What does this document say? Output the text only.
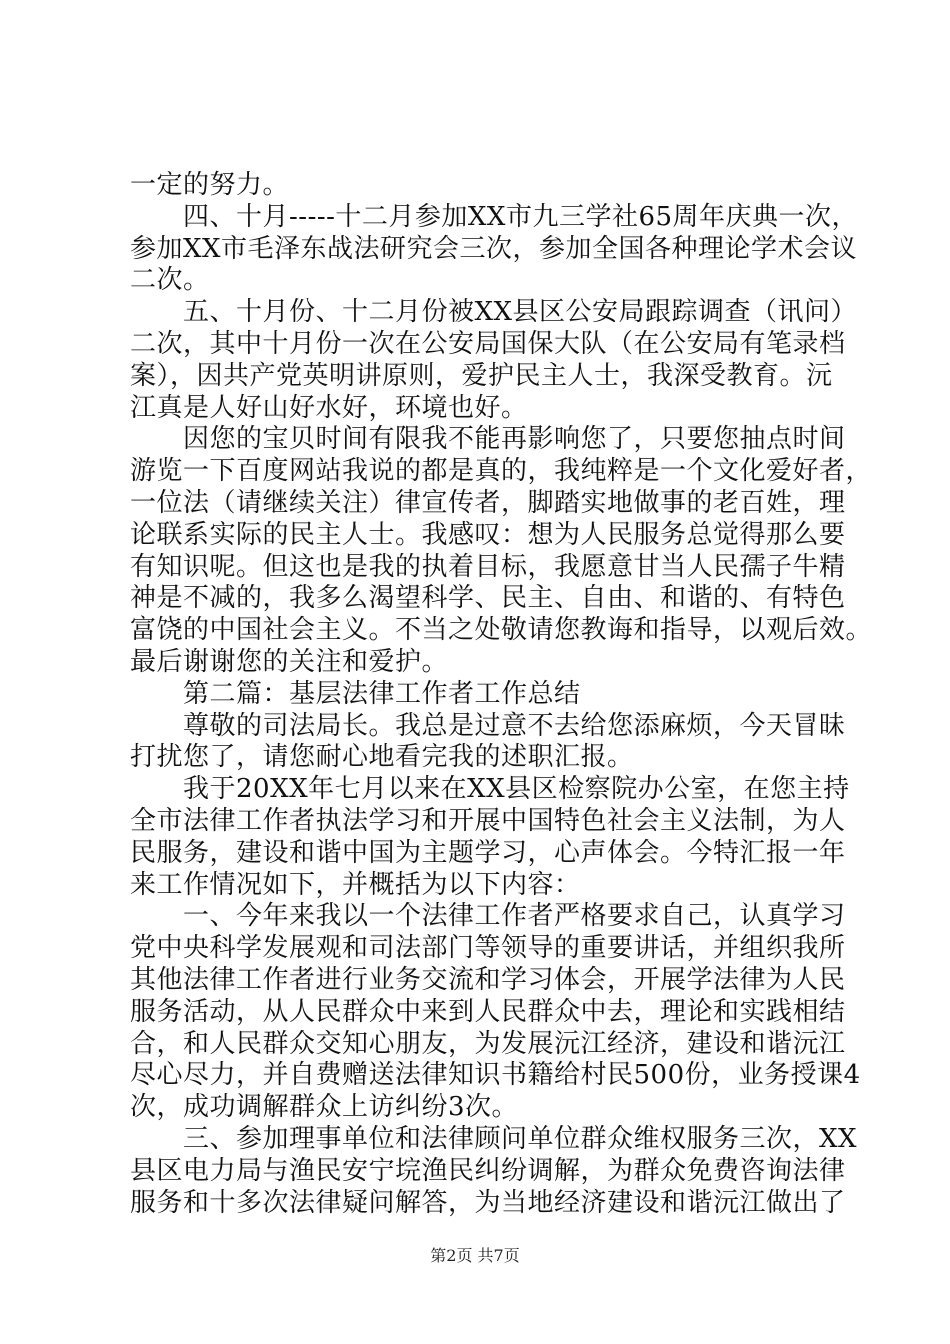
一定的努力。

　　四、十月-----十二月参加XX市九三学社65周年庆典一次，

参加XX市毛泽东战法研究会三次，参加全国各种理论学术会议

二次。

　　五、十月份、十二月份被XX县区公安局跟踪调查（讯问）

二次，其中十月份一次在公安局国保大队（在公安局有笔录档

案），因共产党英明讲原则，爱护民主人士，我深受教育。沅

江真是人好山好水好，环境也好。

　　因您的宝贝时间有限我不能再影响您了，只要您抽点时间

游览一下百度网站我说的都是真的，我纯粹是一个文化爱好者，

一位法（请继续关注）律宣传者，脚踏实地做事的老百姓，理

论联系实际的民主人士。我感叹：想为人民服务总觉得那么要

有知识呢。但这也是我的执着目标，我愿意甘当人民孺子牛精

神是不减的，我多么渴望科学、民主、自由、和谐的、有特色

富饶的中国社会主义。不当之处敬请您教诲和指导，以观后效。

最后谢谢您的关注和爱护。

　　第二篇：基层法律工作者工作总结

　　尊敬的司法局长。我总是过意不去给您添麻烦，今天冒昧

打扰您了，请您耐心地看完我的述职汇报。

　　我于20XX年七月以来在XX县区检察院办公室，在您主持

全市法律工作者执法学习和开展中国特色社会主义法制，为人

民服务，建设和谐中国为主题学习，心声体会。今特汇报一年

来工作情况如下，并概括为以下内容：

　　一、今年来我以一个法律工作者严格要求自己，认真学习

党中央科学发展观和司法部门等领导的重要讲话，并组织我所

其他法律工作者进行业务交流和学习体会，开展学法律为人民

服务活动，从人民群众中来到人民群众中去，理论和实践相结

合，和人民群众交知心朋友，为发展沅江经济，建设和谐沅江

尽心尽力，并自费赠送法律知识书籍给村民500份，业务授课4

次，成功调解群众上访纠纷3次。

　　三、参加理事单位和法律顾问单位群众维权服务三次，XX

县区电力局与渔民安宁垸渔民纠纷调解，为群众免费咨询法律

服务和十多次法律疑问解答，为当地经济建设和谐沅江做出了

第2页 共7页
